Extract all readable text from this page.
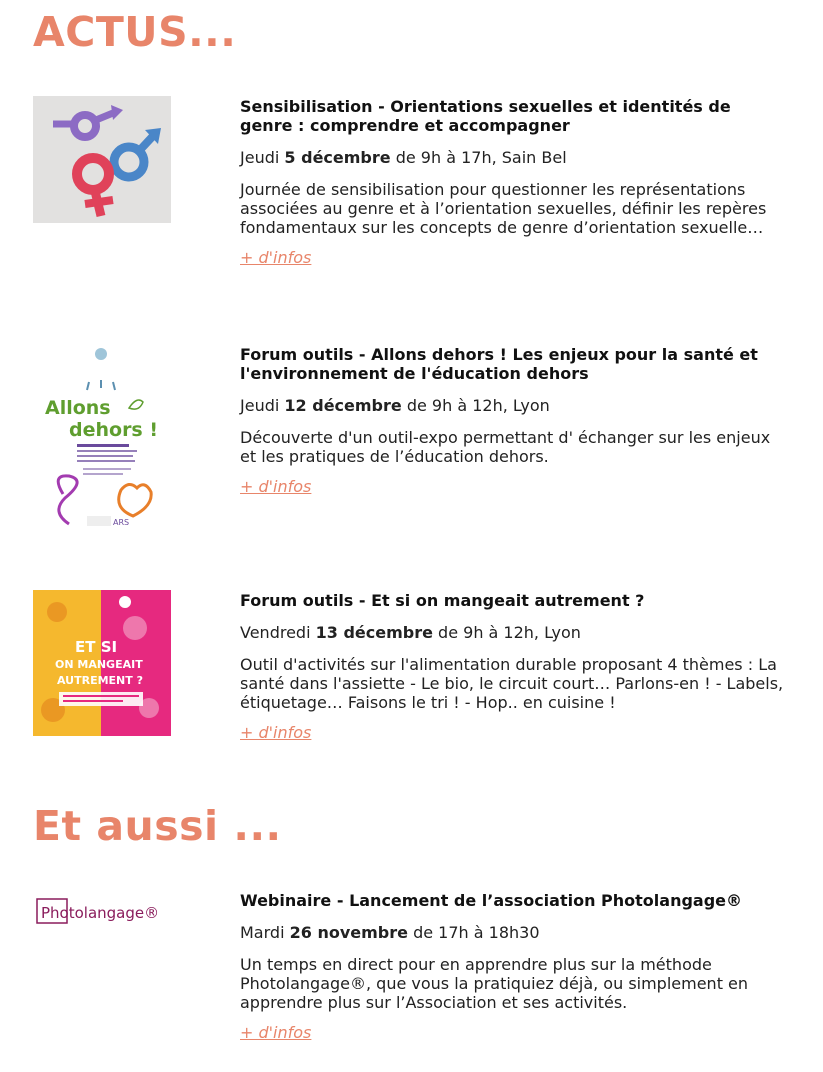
ACTUS...

Sensibilisation - Orientations sexuelles et identités de genre : comprendre et accompagner

Jeudi 5 décembre de 9h à 17h, Sain Bel
Journée de sensibilisation pour questionner les représentations associées au genre et à l’orientation sexuelles, définir les repères fondamentaux sur les concepts de genre d’orientation sexuelle…
+ d'infos
Allons
dehors !
ARS

Forum outils - Allons dehors ! Les enjeux pour la santé et l'environnement de l'éducation dehors

Jeudi 12 décembre de 9h à 12h, Lyon
Découverte d'un outil-expo permettant d' échanger sur les enjeux et les pratiques de l’éducation dehors.
+ d'infos
ET SI
ON MANGEAIT
AUTREMENT ?

Forum outils - Et si on mangeait autrement ?

Vendredi 13 décembre de 9h à 12h, Lyon
Outil d'activités sur l'alimentation durable proposant 4 thèmes : La santé dans l'assiette - Le bio, le circuit court… Parlons-en ! - Labels, étiquetage… Faisons le tri ! - Hop.. en cuisine !
+ d'infos
Et aussi ...
Photolangage®

Webinaire - Lancement de l’association Photolangage®

Mardi 26 novembre de 17h à 18h30
Un temps en direct pour en apprendre plus sur la méthode Photolangage®, que vous la pratiquiez déjà, ou simplement en apprendre plus sur l’Association et ses activités.
+ d'infos
